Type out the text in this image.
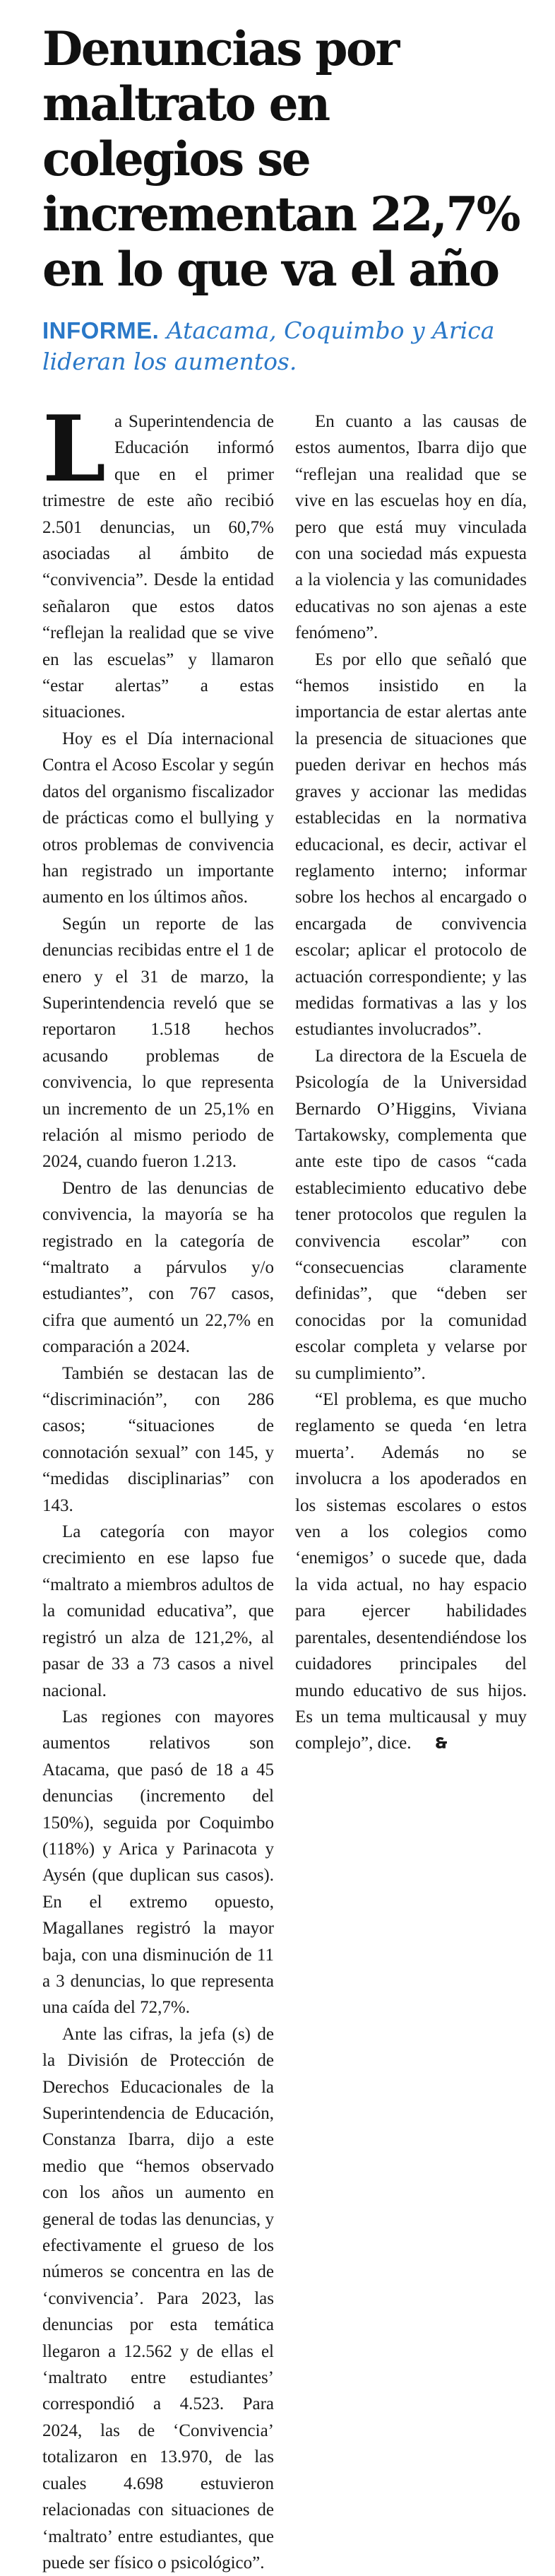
Denuncias por maltrato en colegios se incrementan 22,7% en lo que va el año
INFORME. Atacama, Coquimbo y Arica lideran los aumentos.

La Superintendencia de Educación informó que en el primer trimestre de este año recibió 2.501 denuncias, un 60,7% asociadas al ámbito de “convivencia”. Desde la entidad señalaron que estos datos “reflejan la realidad que se vive en las escuelas” y llamaron “estar alertas” a estas situaciones.

Hoy es el Día internacional Contra el Acoso Escolar y según datos del organismo fiscalizador de prácticas como el bullying y otros problemas de convivencia han registrado un importante aumento en los últimos años.

Según un reporte de las denuncias recibidas entre el 1 de enero y el 31 de marzo, la Superintendencia reveló que se reportaron 1.518 hechos acusando problemas de convivencia, lo que representa un incremento de un 25,1% en relación al mismo periodo de 2024, cuando fueron 1.213.

Dentro de las denuncias de convivencia, la mayoría se ha registrado en la categoría de “maltrato a párvulos y/o estudiantes”, con 767 casos, cifra que aumentó un 22,7% en comparación a 2024.

También se destacan las de “discriminación”, con 286 casos; “situaciones de connotación sexual” con 145, y “medidas disciplinarias” con 143.

La categoría con mayor crecimiento en ese lapso fue “maltrato a miembros adultos de la comunidad educativa”, que registró un alza de 121,2%, al pasar de 33 a 73 casos a nivel nacional.

Las regiones con mayores aumentos relativos son Atacama, que pasó de 18 a 45 denuncias (incremento del 150%), seguida por Coquimbo (118%) y Arica y Parinacota y Aysén (que duplican sus casos). En el extremo opuesto, Magallanes registró la mayor baja, con una disminución de 11 a 3 denuncias, lo que representa una caída del 72,7%.

Ante las cifras, la jefa (s) de la División de Protección de Derechos Educacionales de la Superintendencia de Educación, Constanza Ibarra, dijo a este medio que “hemos observado con los años un aumento en general de todas las denuncias, y efectivamente el grueso de los números se concentra en las de ‘convivencia’. Para 2023, las denuncias por esta temática llegaron a 12.562 y de ellas el ‘maltrato entre estudiantes’ correspondió a 4.523. Para 2024, las de ‘Convivencia’ totalizaron en 13.970, de las cuales 4.698 estuvieron relacionadas con situaciones de ‘maltrato’ entre estudiantes, que puede ser físico o psicológico”.

En cuanto a las causas de estos aumentos, Ibarra dijo que “reflejan una realidad que se vive en las escuelas hoy en día, pero que está muy vinculada con una sociedad más expuesta a la violencia y las comunidades educativas no son ajenas a este fenómeno”.

Es por ello que señaló que “hemos insistido en la importancia de estar alertas ante la presencia de situaciones que pueden derivar en hechos más graves y accionar las medidas establecidas en la normativa educacional, es decir, activar el reglamento interno; informar sobre los hechos al encargado o encargada de convivencia escolar; aplicar el protocolo de actuación correspondiente; y las medidas formativas a las y los estudiantes involucrados”.

La directora de la Escuela de Psicología de la Universidad Bernardo O’Higgins, Viviana Tartakowsky, complementa que ante este tipo de casos “cada establecimiento educativo debe tener protocolos que regulen la convivencia escolar” con “consecuencias claramente definidas”, que “deben ser conocidas por la comunidad escolar completa y velarse por su cumplimiento”.

“El problema, es que mucho reglamento se queda ‘en letra muerta’. Además no se involucra a los apoderados en los sistemas escolares o estos ven a los colegios como ‘enemigos’ o sucede que, dada la vida actual, no hay espacio para ejercer habilidades parentales, desentendiéndose los cuidadores principales del mundo educativo de sus hijos. Es un tema multicausal y muy complejo”, dice. 🙳
